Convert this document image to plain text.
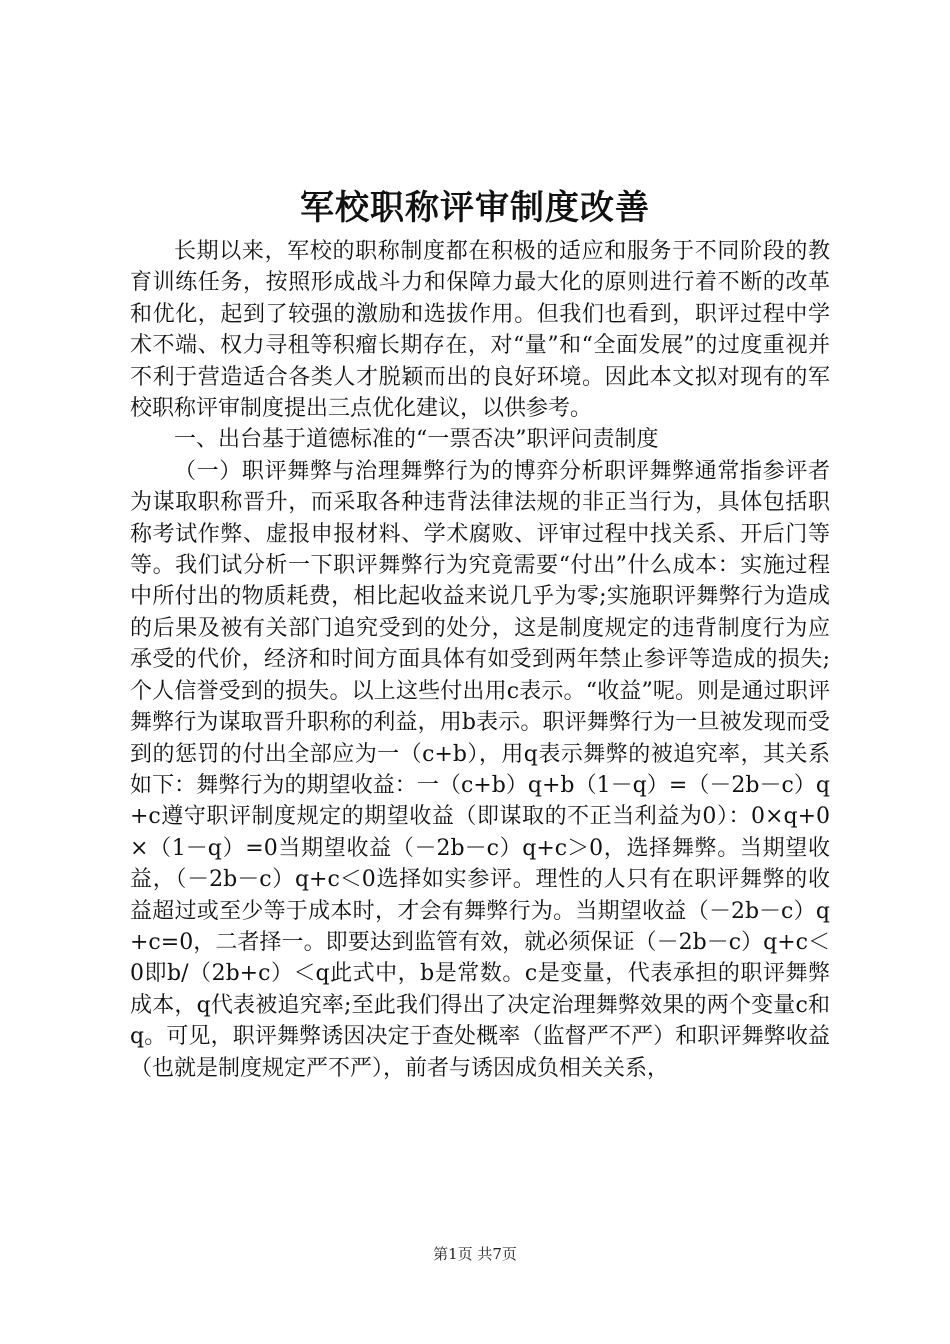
军校职称评审制度改善

长期以来，军校的职称制度都在积极的适应和服务于不同阶段的教育训练任务，按照形成战斗力和保障力最大化的原则进行着不断的改革和优化，起到了较强的激励和选拔作用。但我们也看到，职评过程中学术不端、权力寻租等积瘤长期存在，对“量”和“全面发展”的过度重视并不利于营造适合各类人才脱颖而出的良好环境。因此本文拟对现有的军校职称评审制度提出三点优化建议，以供参考。

一、出台基于道德标准的“一票否决”职评问责制度

（一）职评舞弊与治理舞弊行为的博弈分析职评舞弊通常指参评者为谋取职称晋升，而采取各种违背法律法规的非正当行为，具体包括职称考试作弊、虚报申报材料、学术腐败、评审过程中找关系、开后门等等。我们试分析一下职评舞弊行为究竟需要“付出”什么成本：实施过程中所付出的物质耗费，相比起收益来说几乎为零;实施职评舞弊行为造成的后果及被有关部门追究受到的处分，这是制度规定的违背制度行为应承受的代价，经济和时间方面具体有如受到两年禁止参评等造成的损失;个人信誉受到的损失。以上这些付出用c表示。“收益”呢。则是通过职评舞弊行为谋取晋升职称的利益，用b表示。职评舞弊行为一旦被发现而受到的惩罚的付出全部应为一（c+b），用q表示舞弊的被追究率，其关系如下：舞弊行为的期望收益：一（c+b）q+b（1－q）=（－2b－c）q+c遵守职评制度规定的期望收益（即谋取的不正当利益为0）：0×q+0×（1－q）=0当期望收益（－2b－c）q+c＞0，选择舞弊。当期望收益，（－2b－c）q+c＜0选择如实参评。理性的人只有在职评舞弊的收益超过或至少等于成本时，才会有舞弊行为。当期望收益（－2b－c）q+c=0，二者择一。即要达到监管有效，就必须保证（－2b－c）q+c＜0即b/（2b+c）＜q此式中，b是常数。c是变量，代表承担的职评舞弊成本，q代表被追究率;至此我们得出了决定治理舞弊效果的两个变量c和q。可见，职评舞弊诱因决定于查处概率（监督严不严）和职评舞弊收益（也就是制度规定严不严），前者与诱因成负相关关系，

第1页 共7页
